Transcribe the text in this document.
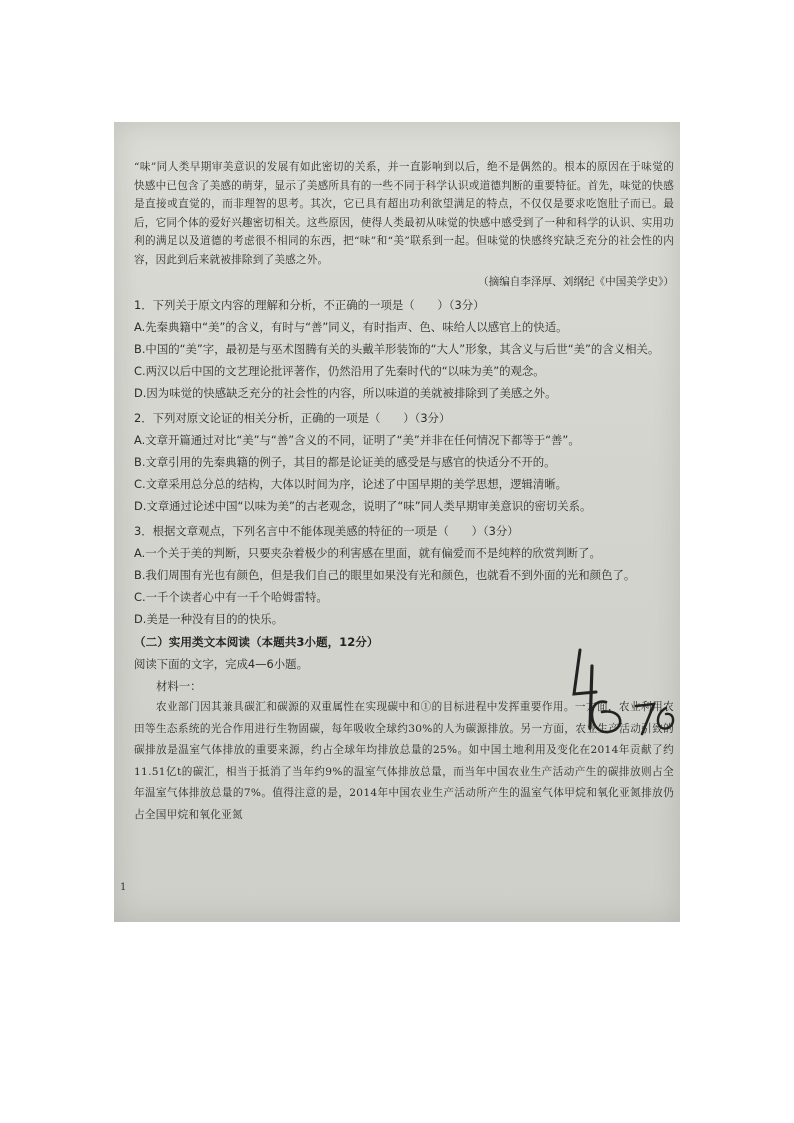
“味”同人类早期审美意识的发展有如此密切的关系，并一直影响到以后，绝不是偶然的。根本的原因在于味觉的快感中已包含了美感的萌芽，显示了美感所具有的一些不同于科学认识或道德判断的重要特征。首先，味觉的快感是直接或直觉的，而非理智的思考。其次，它已具有超出功利欲望满足的特点，不仅仅是要求吃饱肚子而已。最后，它同个体的爱好兴趣密切相关。这些原因，使得人类最初从味觉的快感中感受到了一种和科学的认识、实用功利的满足以及道德的考虑很不相同的东西，把“味”和“美”联系到一起。但味觉的快感终究缺乏充分的社会性的内容，因此到后来就被排除到了美感之外。

（摘编自李泽厚、刘纲纪《中国美学史》）

1．下列关于原文内容的理解和分析，不正确的一项是（　　）（3分）

A.先秦典籍中“美”的含义，有时与“善”同义，有时指声、色、味给人以感官上的快适。

B.中国的“美”字，最初是与巫术图腾有关的头戴羊形装饰的“大人”形象，其含义与后世“美”的含义相关。

C.两汉以后中国的文艺理论批评著作，仍然沿用了先秦时代的“以味为美”的观念。

D.因为味觉的快感缺乏充分的社会性的内容，所以味道的美就被排除到了美感之外。

2．下列对原文论证的相关分析，正确的一项是（　　）（3分）

A.文章开篇通过对比“美”与“善”含义的不同，证明了“美”并非在任何情况下都等于“善”。

B.文章引用的先秦典籍的例子，其目的都是论证美的感受是与感官的快适分不开的。

C.文章采用总分总的结构，大体以时间为序，论述了中国早期的美学思想，逻辑清晰。

D.文章通过论述中国“以味为美”的古老观念，说明了“味”同人类早期审美意识的密切关系。

3．根据文章观点，下列名言中不能体现美感的特征的一项是（　　）（3分）

A.一个关于美的判断，只要夹杂着极少的利害感在里面，就有偏爱而不是纯粹的欣赏判断了。

B.我们周围有光也有颜色，但是我们自己的眼里如果没有光和颜色，也就看不到外面的光和颜色了。

C.一千个读者心中有一千个哈姆雷特。

D.美是一种没有目的的快乐。

（二）实用类文本阅读（本题共3小题，12分）

阅读下面的文字，完成4—6小题。

材料一：

农业部门因其兼具碳汇和碳源的双重属性在实现碳中和①的目标进程中发挥重要作用。一方面，农业利用农田等生态系统的光合作用进行生物固碳，每年吸收全球约30%的人为碳源排放。另一方面，农业生产活动引致的碳排放是温室气体排放的重要来源，约占全球年均排放总量的25%。如中国土地利用及变化在2014年贡献了约11.51亿t的碳汇，相当于抵消了当年约9%的温室气体排放总量，而当年中国农业生产活动产生的碳排放则占全年温室气体排放总量的7%。值得注意的是，2014年中国农业生产活动所产生的温室气体甲烷和氧化亚氮排放仍占全国甲烷和氧化亚氮

1
